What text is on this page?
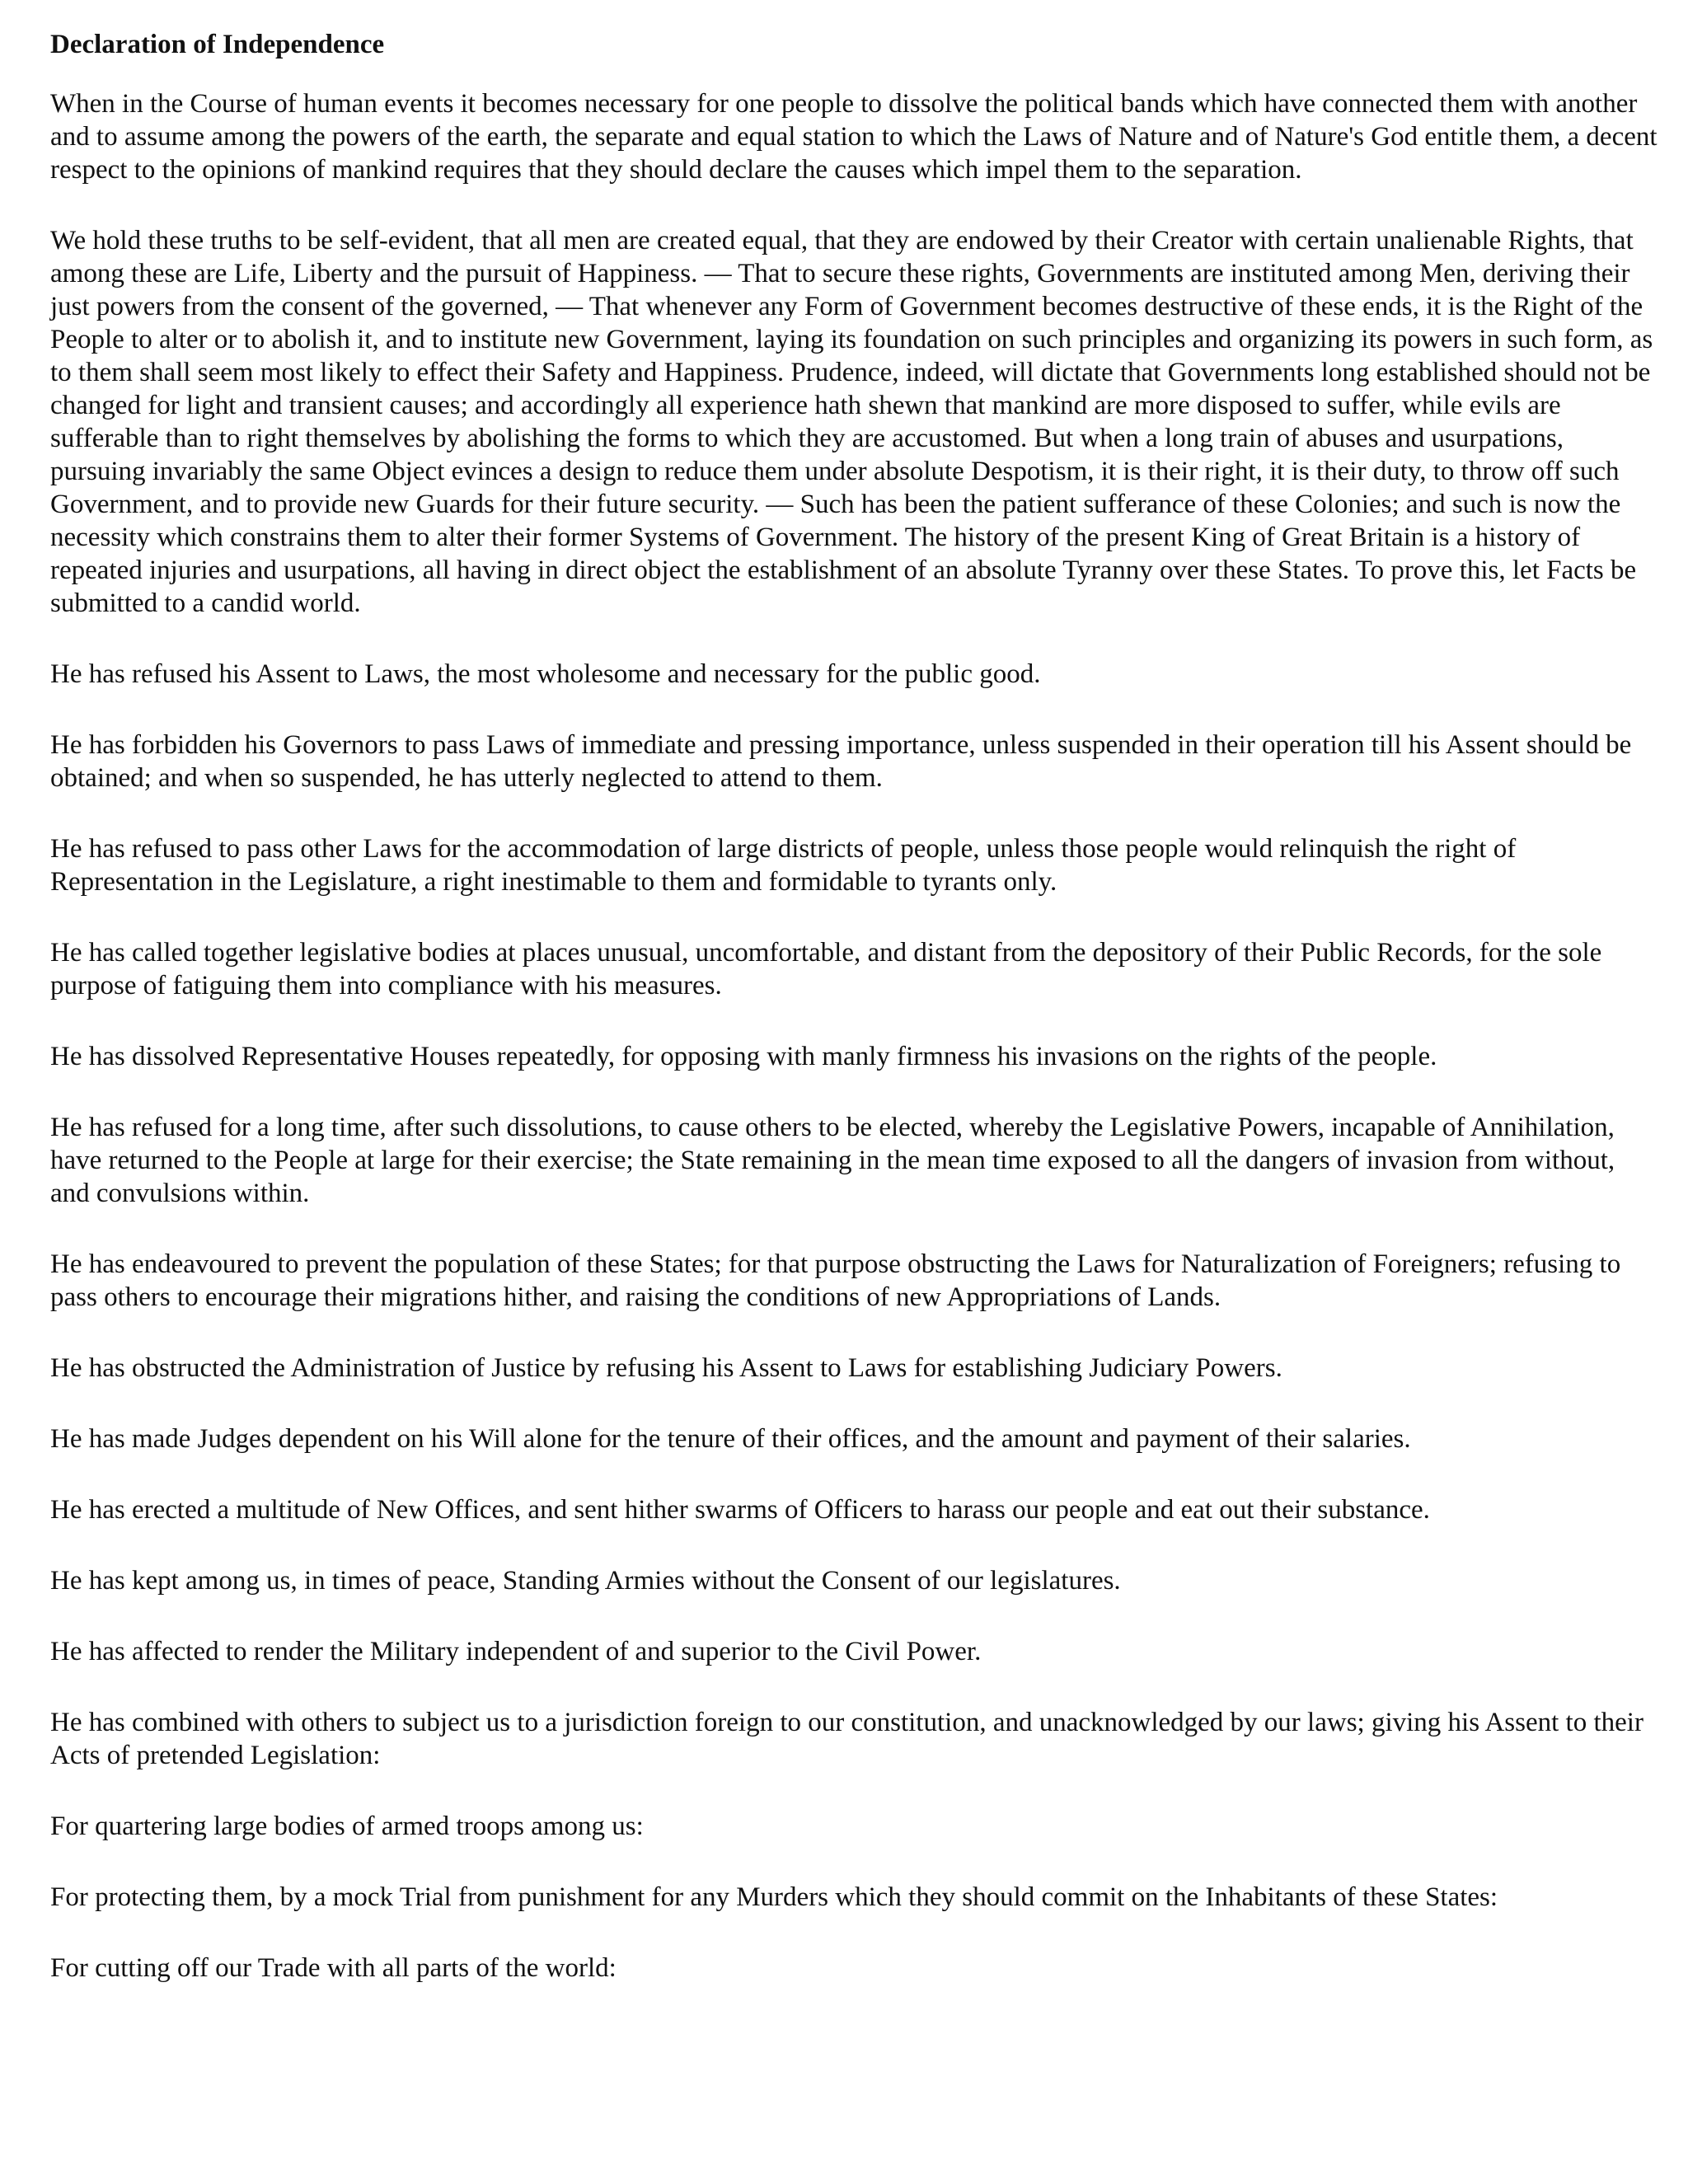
Declaration of Independence

When in the Course of human events it becomes necessary for one people to dissolve the political bands which have connected them with another and to assume among the powers of the earth, the separate and equal station to which the Laws of Nature and of Nature's God entitle them, a decent respect to the opinions of mankind requires that they should declare the causes which impel them to the separation.

We hold these truths to be self-evident, that all men are created equal, that they are endowed by their Creator with certain unalienable Rights, that among these are Life, Liberty and the pursuit of Happiness. — That to secure these rights, Governments are instituted among Men, deriving their just powers from the consent of the governed, — That whenever any Form of Government becomes destructive of these ends, it is the Right of the People to alter or to abolish it, and to institute new Government, laying its foundation on such principles and organizing its powers in such form, as to them shall seem most likely to effect their Safety and Happiness. Prudence, indeed, will dictate that Governments long established should not be changed for light and transient causes; and accordingly all experience hath shewn that mankind are more disposed to suffer, while evils are sufferable than to right themselves by abolishing the forms to which they are accustomed. But when a long train of abuses and usurpations, pursuing invariably the same Object evinces a design to reduce them under absolute Despotism, it is their right, it is their duty, to throw off such Government, and to provide new Guards for their future security. — Such has been the patient sufferance of these Colonies; and such is now the necessity which constrains them to alter their former Systems of Government. The history of the present King of Great Britain is a history of repeated injuries and usurpations, all having in direct object the establishment of an absolute Tyranny over these States. To prove this, let Facts be submitted to a candid world.

He has refused his Assent to Laws, the most wholesome and necessary for the public good.

He has forbidden his Governors to pass Laws of immediate and pressing importance, unless suspended in their operation till his Assent should be obtained; and when so suspended, he has utterly neglected to attend to them.

He has refused to pass other Laws for the accommodation of large districts of people, unless those people would relinquish the right of Representation in the Legislature, a right inestimable to them and formidable to tyrants only.

He has called together legislative bodies at places unusual, uncomfortable, and distant from the depository of their Public Records, for the sole purpose of fatiguing them into compliance with his measures.

He has dissolved Representative Houses repeatedly, for opposing with manly firmness his invasions on the rights of the people.

He has refused for a long time, after such dissolutions, to cause others to be elected, whereby the Legislative Powers, incapable of Annihilation, have returned to the People at large for their exercise; the State remaining in the mean time exposed to all the dangers of invasion from without, and convulsions within.

He has endeavoured to prevent the population of these States; for that purpose obstructing the Laws for Naturalization of Foreigners; refusing to pass others to encourage their migrations hither, and raising the conditions of new Appropriations of Lands.

He has obstructed the Administration of Justice by refusing his Assent to Laws for establishing Judiciary Powers.

He has made Judges dependent on his Will alone for the tenure of their offices, and the amount and payment of their salaries.

He has erected a multitude of New Offices, and sent hither swarms of Officers to harass our people and eat out their substance.

He has kept among us, in times of peace, Standing Armies without the Consent of our legislatures.

He has affected to render the Military independent of and superior to the Civil Power.

He has combined with others to subject us to a jurisdiction foreign to our constitution, and unacknowledged by our laws; giving his Assent to their Acts of pretended Legislation:

For quartering large bodies of armed troops among us:

For protecting them, by a mock Trial from punishment for any Murders which they should commit on the Inhabitants of these States:

For cutting off our Trade with all parts of the world:
